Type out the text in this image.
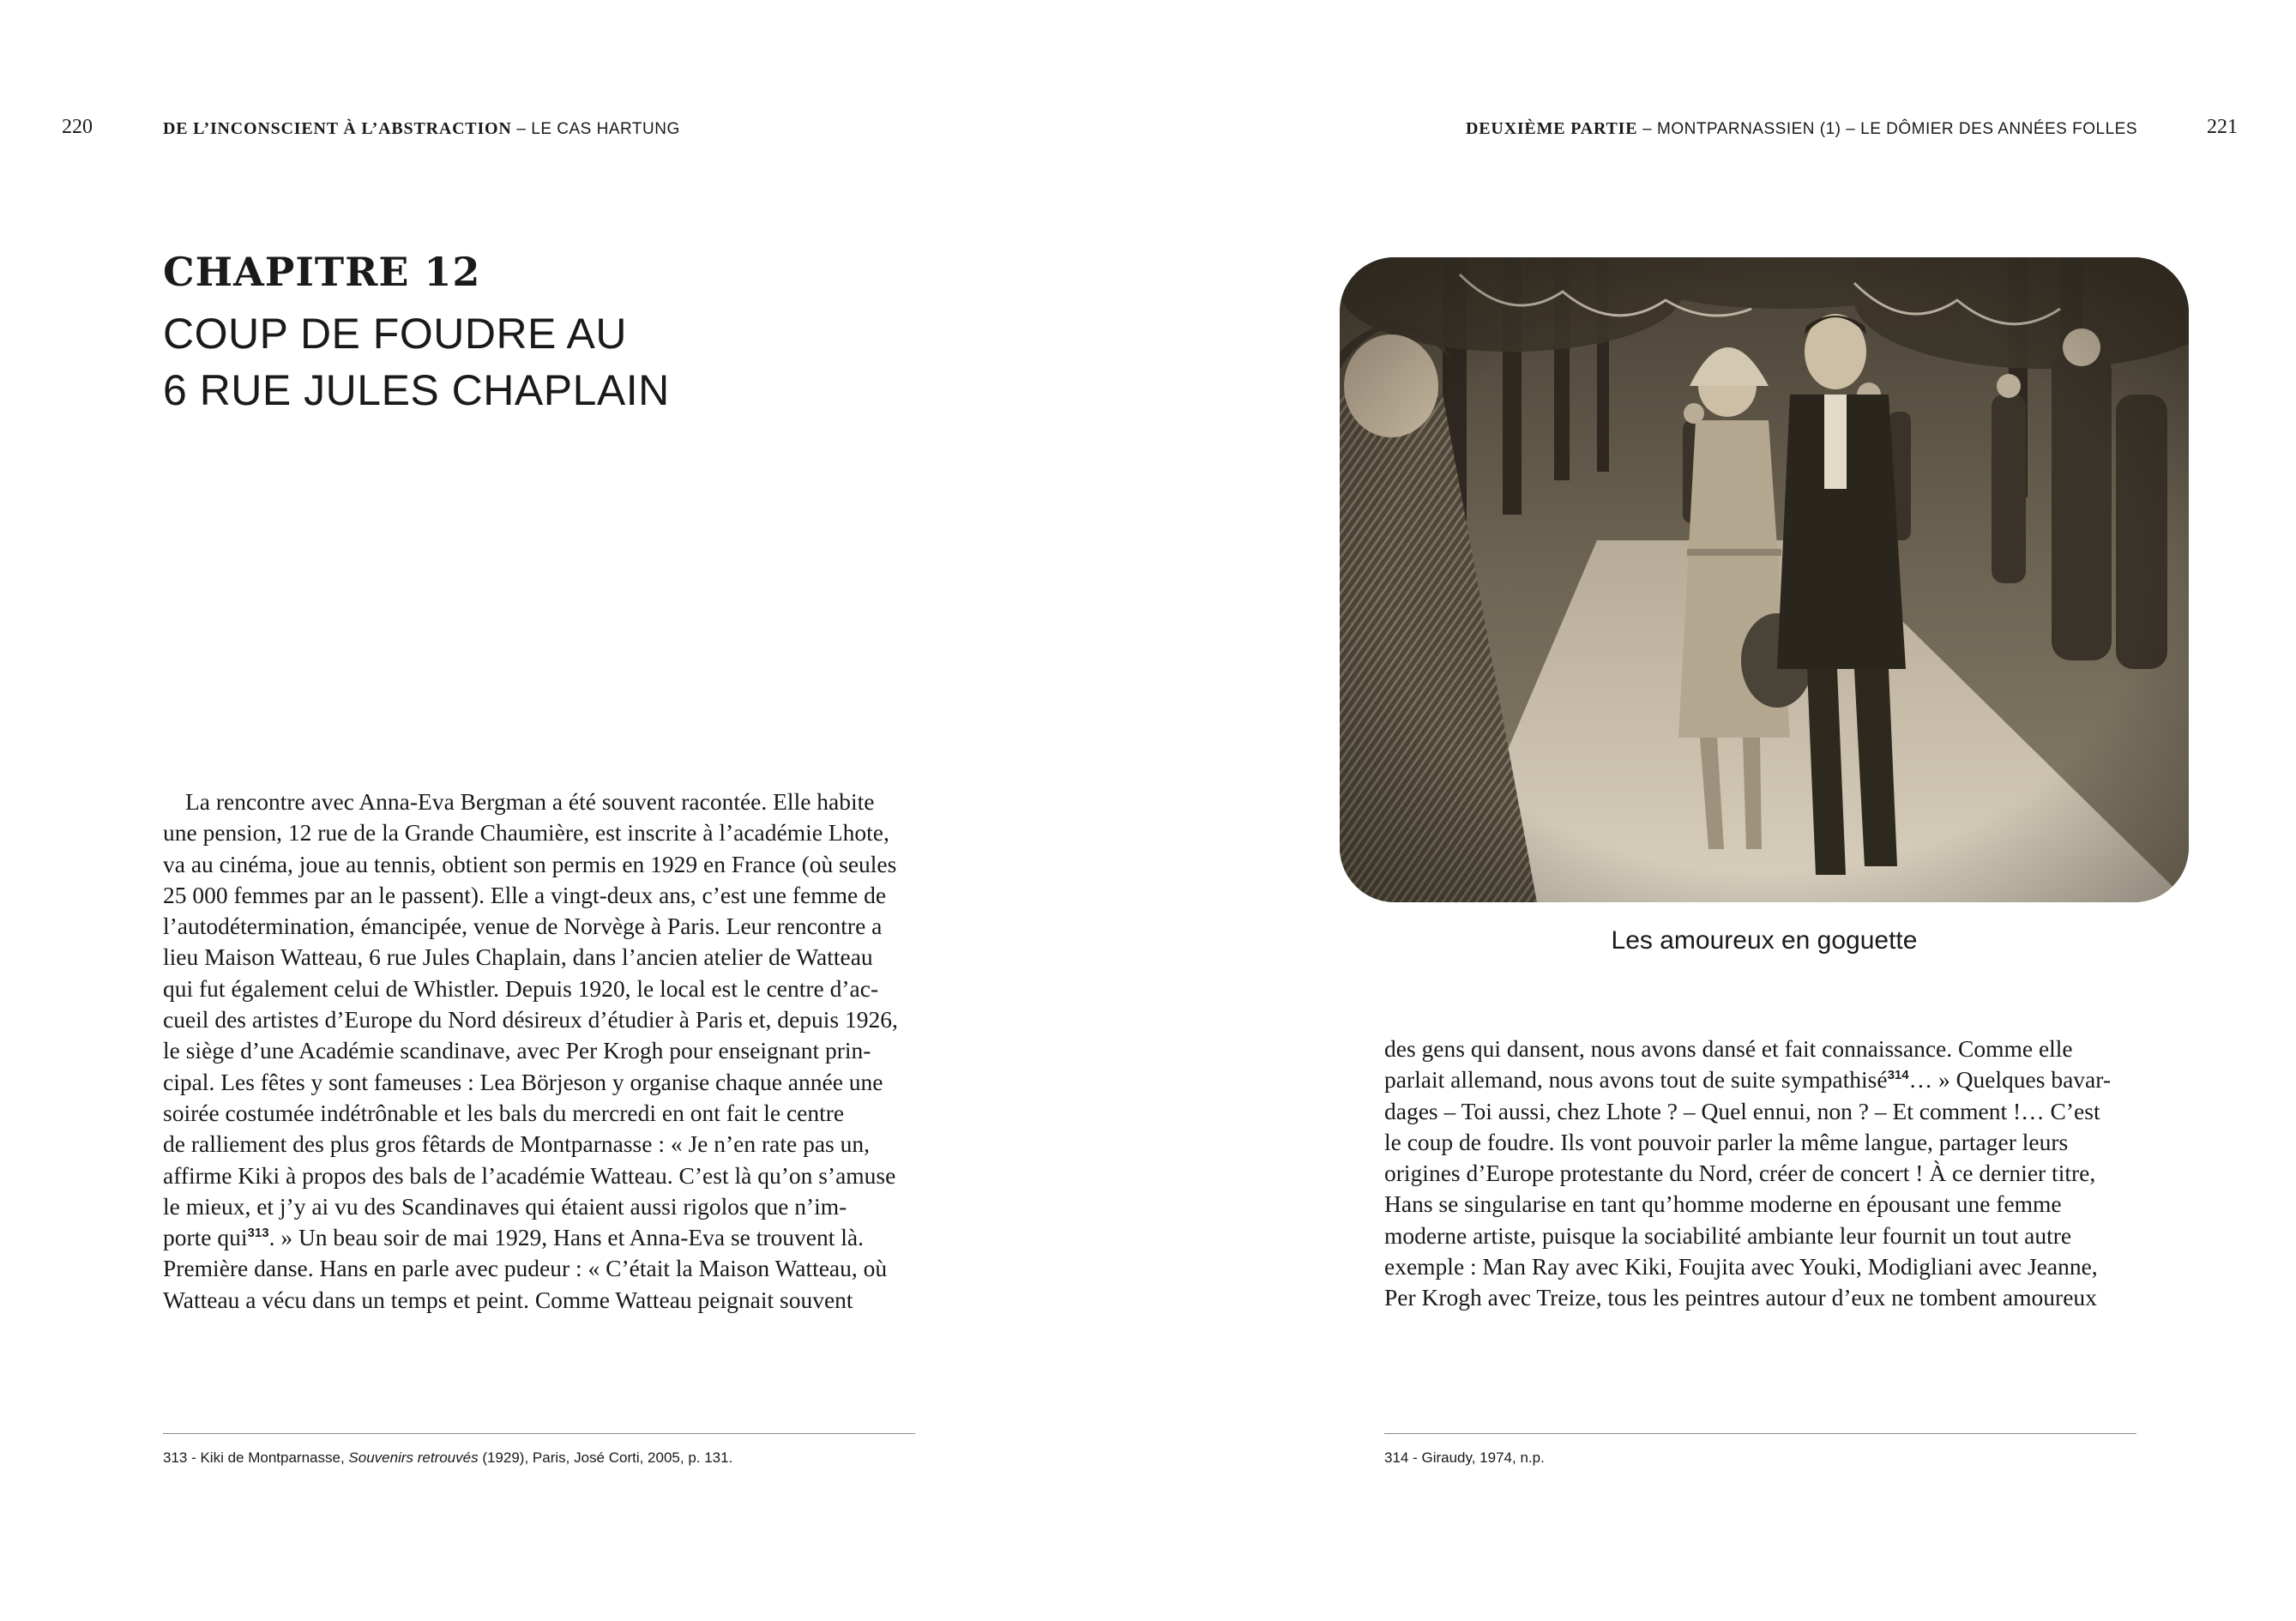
220	DE L’INCONSCIENT À L’ABSTRACTION – LE CAS HARTUNG
CHAPITRE 12
COUP DE FOUDRE AU
6 RUE JULES CHAPLAIN
La rencontre avec Anna-Eva Bergman a été souvent racontée. Elle habite
une pension, 12 rue de la Grande Chaumière, est inscrite à l’académie Lhote,
va au cinéma, joue au tennis, obtient son permis en 1929 en France (où seules
25 000 femmes par an le passent). Elle a vingt-deux ans, c’est une femme de
l’autodétermination, émancipée, venue de Norvège à Paris. Leur rencontre a
lieu Maison Watteau, 6 rue Jules Chaplain, dans l’ancien atelier de Watteau
qui fut également celui de Whistler. Depuis 1920, le local est le centre d’ac-
cueil des artistes d’Europe du Nord désireux d’étudier à Paris et, depuis 1926,
le siège d’une Académie scandinave, avec Per Krogh pour enseignant prin-
cipal. Les fêtes y sont fameuses : Lea Börjeson y organise chaque année une
soirée costumée indétrônable et les bals du mercredi en ont fait le centre
de ralliement des plus gros fêtards de Montparnasse : « Je n’en rate pas un,
affirme Kiki à propos des bals de l’académie Watteau. C’est là qu’on s’amuse
le mieux, et j’y ai vu des Scandinaves qui étaient aussi rigolos que n’im-
porte qui$^{313}$. » Un beau soir de mai 1929, Hans et Anna-Eva se trouvent là.
Première danse. Hans en parle avec pudeur : « C’était la Maison Watteau, où
Watteau a vécu dans un temps et peint. Comme Watteau peignait souvent
313 - Kiki de Montparnasse, Souvenirs retrouvés (1929), Paris, José Corti, 2005, p. 131.
DEUXIÈME PARTIE – MONTPARNASSIEN (1) – LE DÔMIER DES ANNÉES FOLLES	221
Les amoureux en goguette
des gens qui dansent, nous avons dansé et fait connaissance. Comme elle
parlait allemand, nous avons tout de suite sympathisé$^{314}$… » Quelques bavar-
dages – Toi aussi, chez Lhote ? – Quel ennui, non ? – Et comment !… C’est
le coup de foudre. Ils vont pouvoir parler la même langue, partager leurs
origines d’Europe protestante du Nord, créer de concert ! À ce dernier titre,
Hans se singularise en tant qu’homme moderne en épousant une femme
moderne artiste, puisque la sociabilité ambiante leur fournit un tout autre
exemple : Man Ray avec Kiki, Foujita avec Youki, Modigliani avec Jeanne,
Per Krogh avec Treize, tous les peintres autour d’eux ne tombent amoureux
314 - Giraudy, 1974, n.p.
